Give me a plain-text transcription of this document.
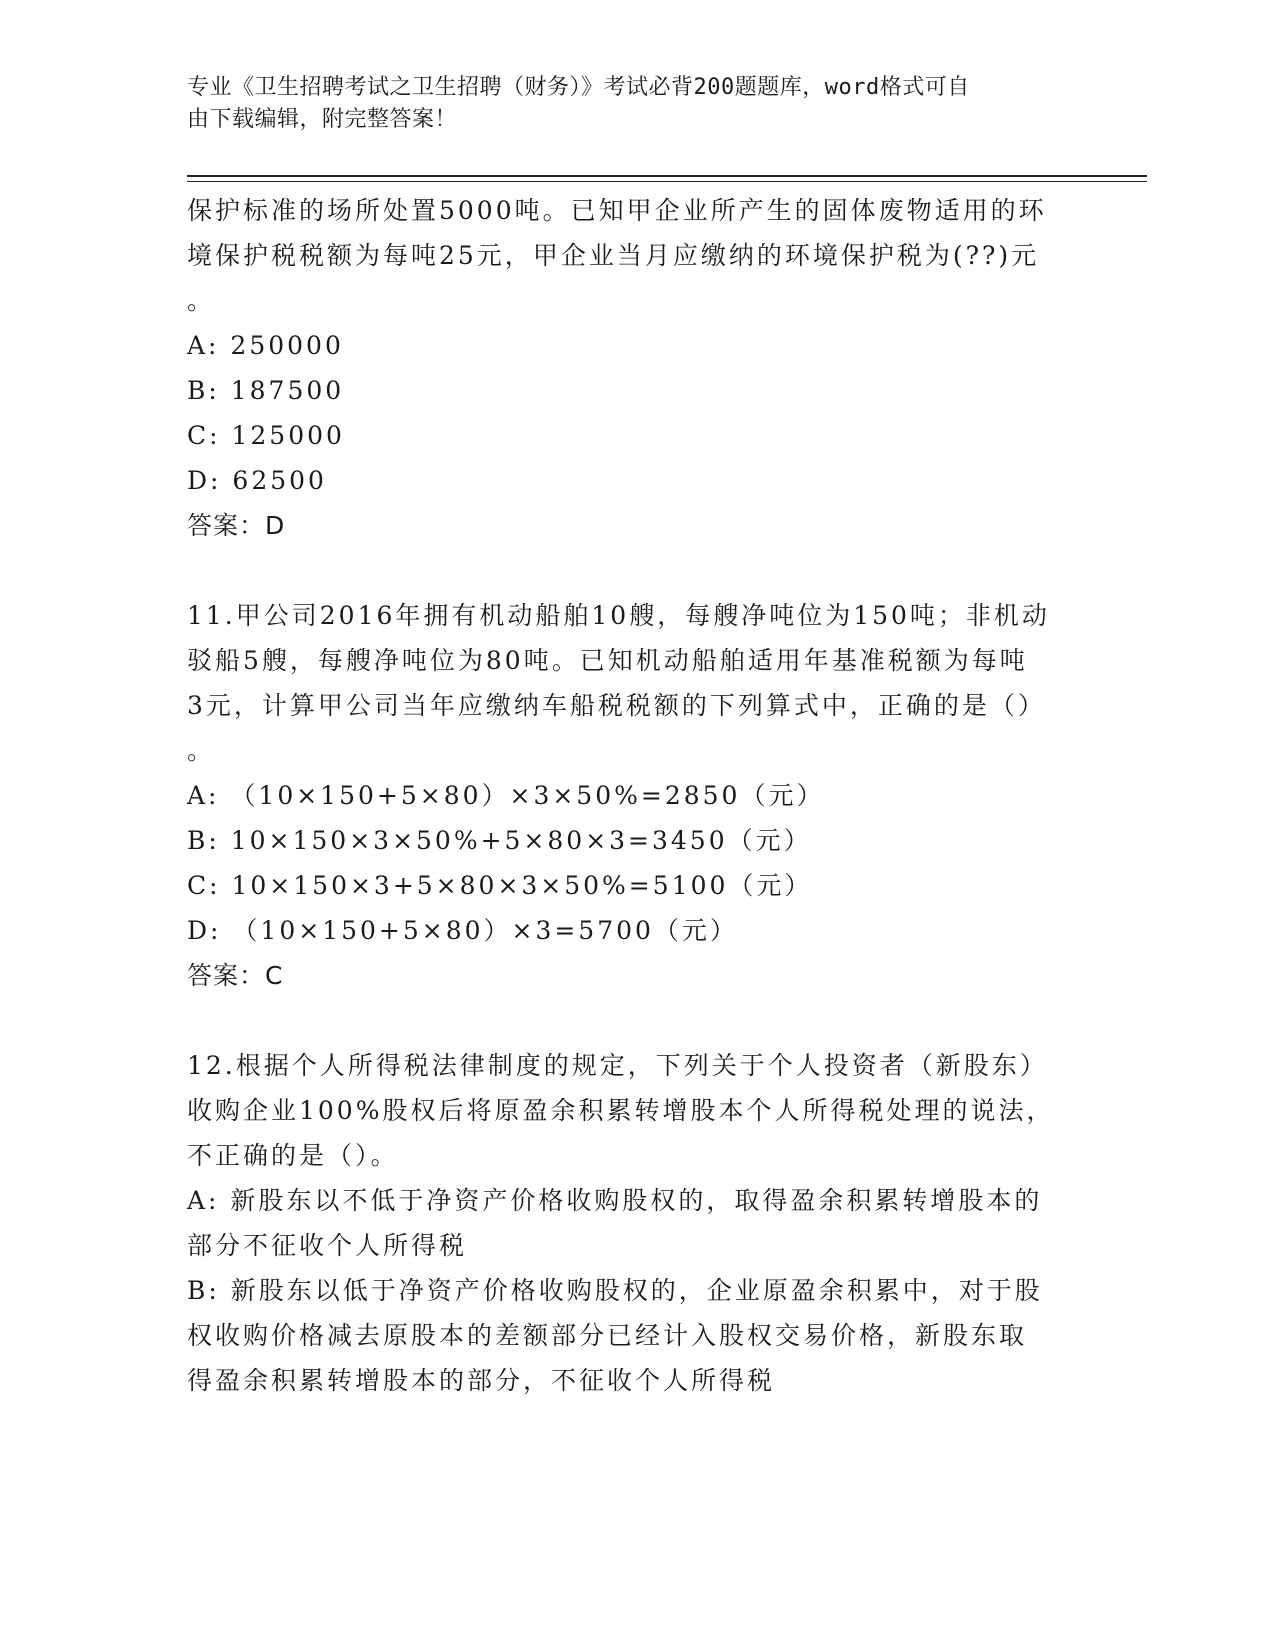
专业《卫生招聘考试之卫生招聘（财务）》考试必背200题题库，word格式可自
由下载编辑，附完整答案！
保护标准的场所处置5000吨。已知甲企业所产生的固体废物适用的环
境保护税税额为每吨25元，甲企业当月应缴纳的环境保护税为(??)元
。
A: 250000
B: 187500
C: 125000
D: 62500
答案：D
11.甲公司2016年拥有机动船舶10艘，每艘净吨位为150吨；非机动
驳船5艘，每艘净吨位为80吨。已知机动船舶适用年基准税额为每吨
3元，计算甲公司当年应缴纳车船税税额的下列算式中，正确的是（）
。
A: （10×150+5×80）×3×50%=2850（元）
B: 10×150×3×50%+5×80×3=3450（元）
C: 10×150×3+5×80×3×50%=5100（元）
D: （10×150+5×80）×3=5700（元）
答案：C
12.根据个人所得税法律制度的规定，下列关于个人投资者（新股东）
收购企业100%股权后将原盈余积累转增股本个人所得税处理的说法，
不正确的是（）。
A: 新股东以不低于净资产价格收购股权的，取得盈余积累转增股本的
部分不征收个人所得税
B: 新股东以低于净资产价格收购股权的，企业原盈余积累中，对于股
权收购价格减去原股本的差额部分已经计入股权交易价格，新股东取
得盈余积累转增股本的部分，不征收个人所得税
